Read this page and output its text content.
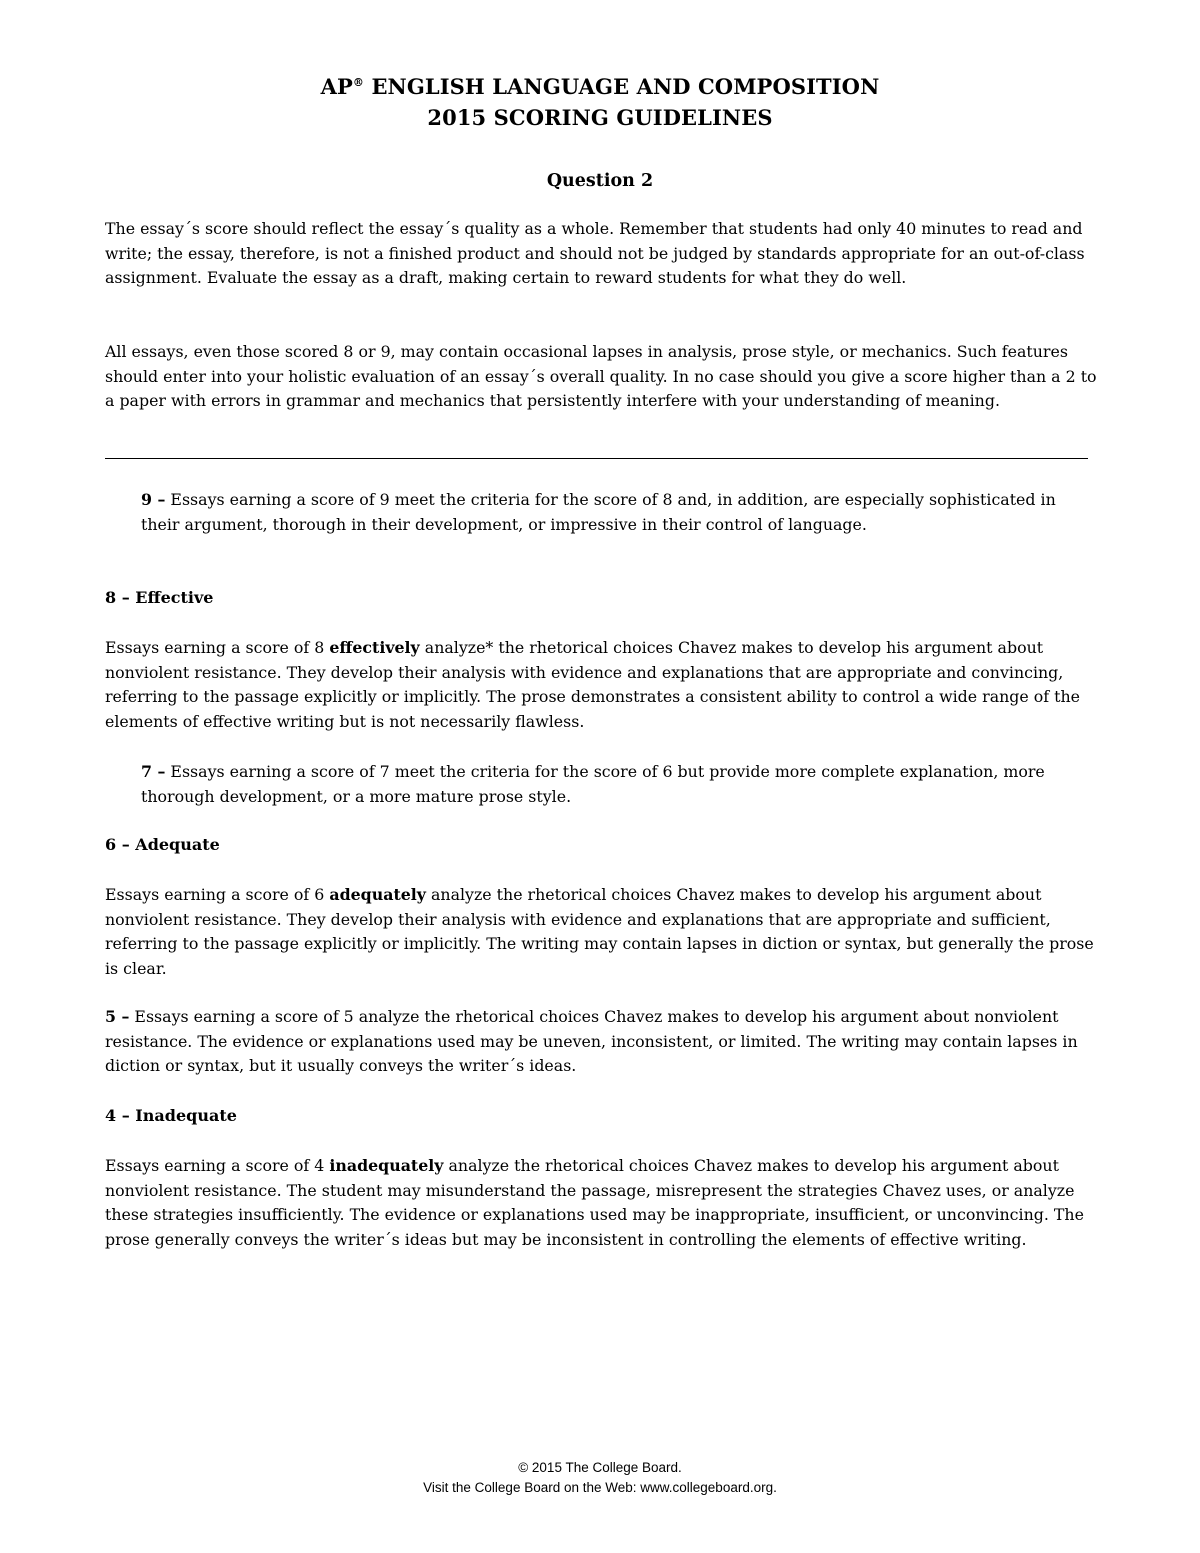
AP® ENGLISH LANGUAGE AND COMPOSITION
2015 SCORING GUIDELINES
Question 2

The essay´s score should reflect the essay´s quality as a whole. Remember that students had only 40 minutes to read and write; the essay, therefore, is not a finished product and should not be judged by standards appropriate for an out-of-class assignment. Evaluate the essay as a draft, making certain to reward students for what they do well.

All essays, even those scored 8 or 9, may contain occasional lapses in analysis, prose style, or mechanics. Such features should enter into your holistic evaluation of an essay´s overall quality. In no case should you give a score higher than a 2 to a paper with errors in grammar and mechanics that persistently interfere with your understanding of meaning.

9 – Essays earning a score of 9 meet the criteria for the score of 8 and, in addition, are especially sophisticated in their argument, thorough in their development, or impressive in their control of language.

8 – Effective

Essays earning a score of 8 effectively analyze* the rhetorical choices Chavez makes to develop his argument about nonviolent resistance. They develop their analysis with evidence and explanations that are appropriate and convincing, referring to the passage explicitly or implicitly. The prose demonstrates a consistent ability to control a wide range of the elements of effective writing but is not necessarily flawless.

7 – Essays earning a score of 7 meet the criteria for the score of 6 but provide more complete explanation, more thorough development, or a more mature prose style.

6 – Adequate

Essays earning a score of 6 adequately analyze the rhetorical choices Chavez makes to develop his argument about nonviolent resistance. They develop their analysis with evidence and explanations that are appropriate and sufficient, referring to the passage explicitly or implicitly. The writing may contain lapses in diction or syntax, but generally the prose is clear.

5 – Essays earning a score of 5 analyze the rhetorical choices Chavez makes to develop his argument about nonviolent resistance. The evidence or explanations used may be uneven, inconsistent, or limited. The writing may contain lapses in diction or syntax, but it usually conveys the writer´s ideas.

4 – Inadequate

Essays earning a score of 4 inadequately analyze the rhetorical choices Chavez makes to develop his argument about nonviolent resistance. The student may misunderstand the passage, misrepresent the strategies Chavez uses, or analyze these strategies insufficiently. The evidence or explanations used may be inappropriate, insufficient, or unconvincing. The prose generally conveys the writer´s ideas but may be inconsistent in controlling the elements of effective writing.

© 2015 The College Board.
Visit the College Board on the Web: www.collegeboard.org.
